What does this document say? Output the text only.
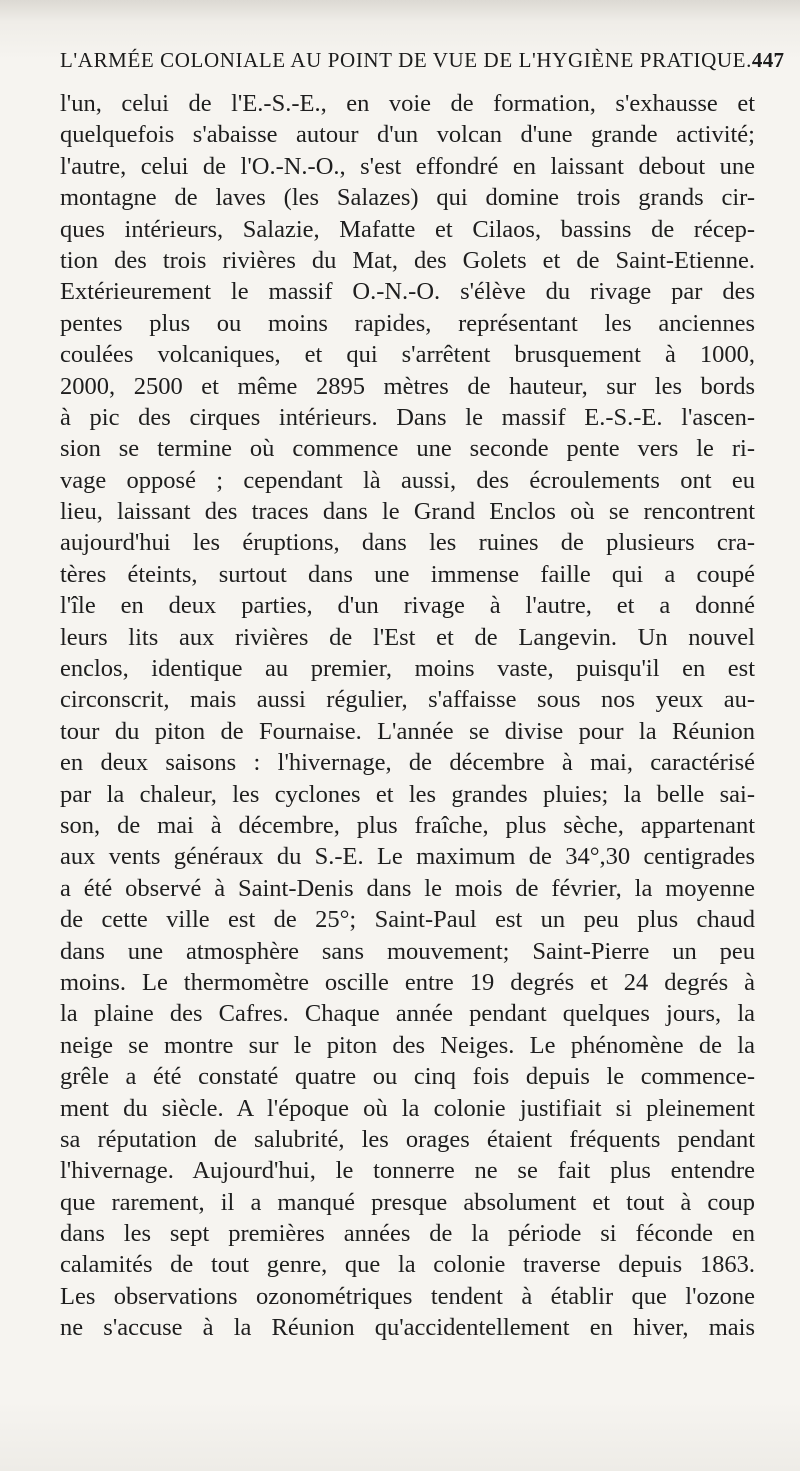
L'ARMÉE COLONIALE AU POINT DE VUE DE L'HYGIÈNE PRATIQUE. 447
l'un, celui de l'E.-S.-E., en voie de formation, s'exhausse et
quelquefois s'abaisse autour d'un volcan d'une grande activité;
l'autre, celui de l'O.-N.-O., s'est effondré en laissant debout une
montagne de laves (les Salazes) qui domine trois grands cir-
ques intérieurs, Salazie, Mafatte et Cilaos, bassins de récep-
tion des trois rivières du Mat, des Golets et de Saint-Etienne.
Extérieurement le massif O.-N.-O. s'élève du rivage par des
pentes plus ou moins rapides, représentant les anciennes
coulées volcaniques, et qui s'arrêtent brusquement à 1000,
2000, 2500 et même 2895 mètres de hauteur, sur les bords
à pic des cirques intérieurs. Dans le massif E.-S.-E. l'ascen-
sion se termine où commence une seconde pente vers le ri-
vage opposé ; cependant là aussi, des écroulements ont eu
lieu, laissant des traces dans le Grand Enclos où se rencontrent
aujourd'hui les éruptions, dans les ruines de plusieurs cra-
tères éteints, surtout dans une immense faille qui a coupé
l'île en deux parties, d'un rivage à l'autre, et a donné
leurs lits aux rivières de l'Est et de Langevin. Un nouvel
enclos, identique au premier, moins vaste, puisqu'il en est
circonscrit, mais aussi régulier, s'affaisse sous nos yeux au-
tour du piton de Fournaise. L'année se divise pour la Réunion
en deux saisons : l'hivernage, de décembre à mai, caractérisé
par la chaleur, les cyclones et les grandes pluies; la belle sai-
son, de mai à décembre, plus fraîche, plus sèche, appartenant
aux vents généraux du S.-E. Le maximum de 34°,30 centigrades
a été observé à Saint-Denis dans le mois de février, la moyenne
de cette ville est de 25°; Saint-Paul est un peu plus chaud
dans une atmosphère sans mouvement; Saint-Pierre un peu
moins. Le thermomètre oscille entre 19 degrés et 24 degrés à
la plaine des Cafres. Chaque année pendant quelques jours, la
neige se montre sur le piton des Neiges. Le phénomène de la
grêle a été constaté quatre ou cinq fois depuis le commence-
ment du siècle. A l'époque où la colonie justifiait si pleinement
sa réputation de salubrité, les orages étaient fréquents pendant
l'hivernage. Aujourd'hui, le tonnerre ne se fait plus entendre
que rarement, il a manqué presque absolument et tout à coup
dans les sept premières années de la période si féconde en
calamités de tout genre, que la colonie traverse depuis 1863.
Les observations ozonométriques tendent à établir que l'ozone
ne s'accuse à la Réunion qu'accidentellement en hiver, mais
